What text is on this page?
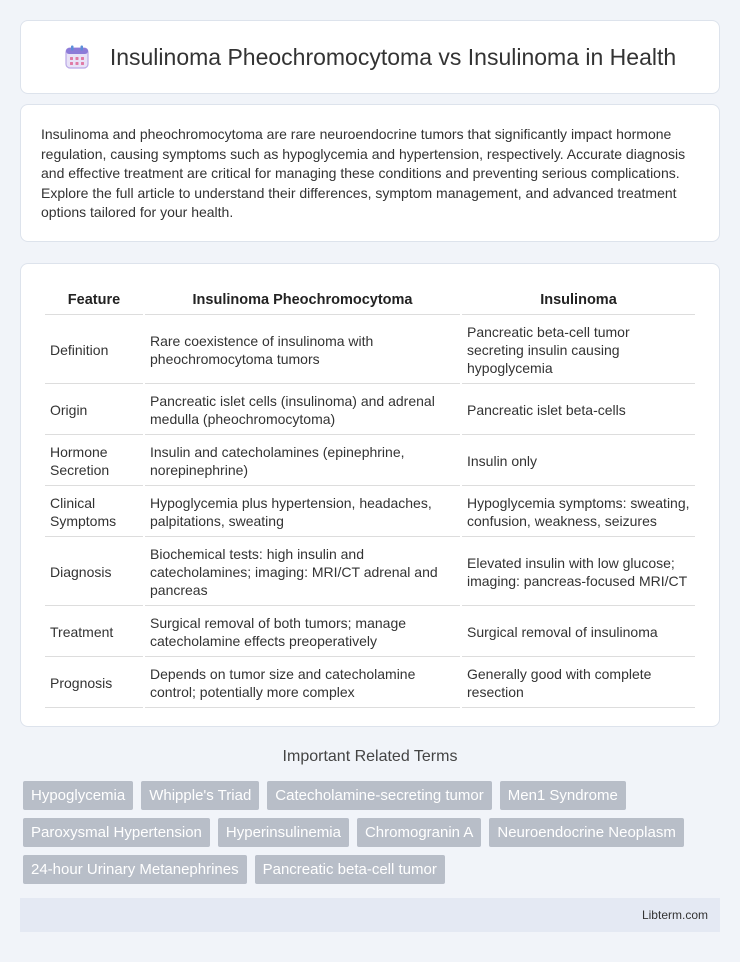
Insulinoma Pheochromocytoma vs Insulinoma in Health

Insulinoma and pheochromocytoma are rare neuroendocrine tumors that significantly impact hormone regulation, causing symptoms such as hypoglycemia and hypertension, respectively. Accurate diagnosis and effective treatment are critical for managing these conditions and preventing serious complications. Explore the full article to understand their differences, symptom management, and advanced treatment options tailored for your health.

Feature	Insulinoma Pheochromocytoma	Insulinoma
Definition	Rare coexistence of insulinoma with pheochromocytoma tumors	Pancreatic beta-cell tumor secreting insulin causing hypoglycemia
Origin	Pancreatic islet cells (insulinoma) and adrenal medulla (pheochromocytoma)	Pancreatic islet beta-cells
Hormone Secretion	Insulin and catecholamines (epinephrine, norepinephrine)	Insulin only
Clinical Symptoms	Hypoglycemia plus hypertension, headaches, palpitations, sweating	Hypoglycemia symptoms: sweating, confusion, weakness, seizures
Diagnosis	Biochemical tests: high insulin and catecholamines; imaging: MRI/CT adrenal and pancreas	Elevated insulin with low glucose; imaging: pancreas-focused MRI/CT
Treatment	Surgical removal of both tumors; manage catecholamine effects preoperatively	Surgical removal of insulinoma
Prognosis	Depends on tumor size and catecholamine control; potentially more complex	Generally good with complete resection
Important Related Terms
Hypoglycemia	Whipple's Triad	Catecholamine-secreting tumor	Men1 Syndrome
Paroxysmal Hypertension	Hyperinsulinemia	Chromogranin A	Neuroendocrine Neoplasm
24-hour Urinary Metanephrines	Pancreatic beta-cell tumor
Libterm.com
